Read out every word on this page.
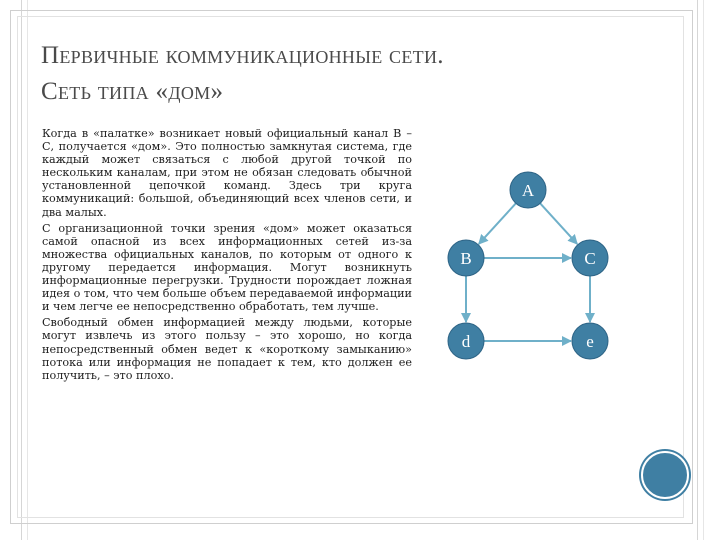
Первичные коммуникационные сети.
Сеть типа «дом»

Когда в «палатке» возникает новый официальный канал В – С, получается «дом». Это полностью замкнутая система, где каждый может связаться с любой другой точкой по нескольким каналам, при этом не обязан следовать обычной установленной цепочкой команд. Здесь три круга коммуникаций: большой, объединяющий всех членов сети, и два малых.

С организационной точки зрения «дом» может оказаться самой опасной из всех информационных сетей из-за множества официальных каналов, по которым от одного к другому передается информация. Могут возникнуть информационные перегрузки. Трудности порождает ложная идея о том, что чем больше объем передаваемой информации и чем легче ее непосредственно обработать, тем лучше.

Свободный обмен информацией между людьми, которые могут извлечь из этого пользу – это хорошо, но когда непосредственный обмен ведет к «короткому замыканию» потока или информация не попадает к тем, кто должен ее получить, – это плохо.

A
B	C
d	e
